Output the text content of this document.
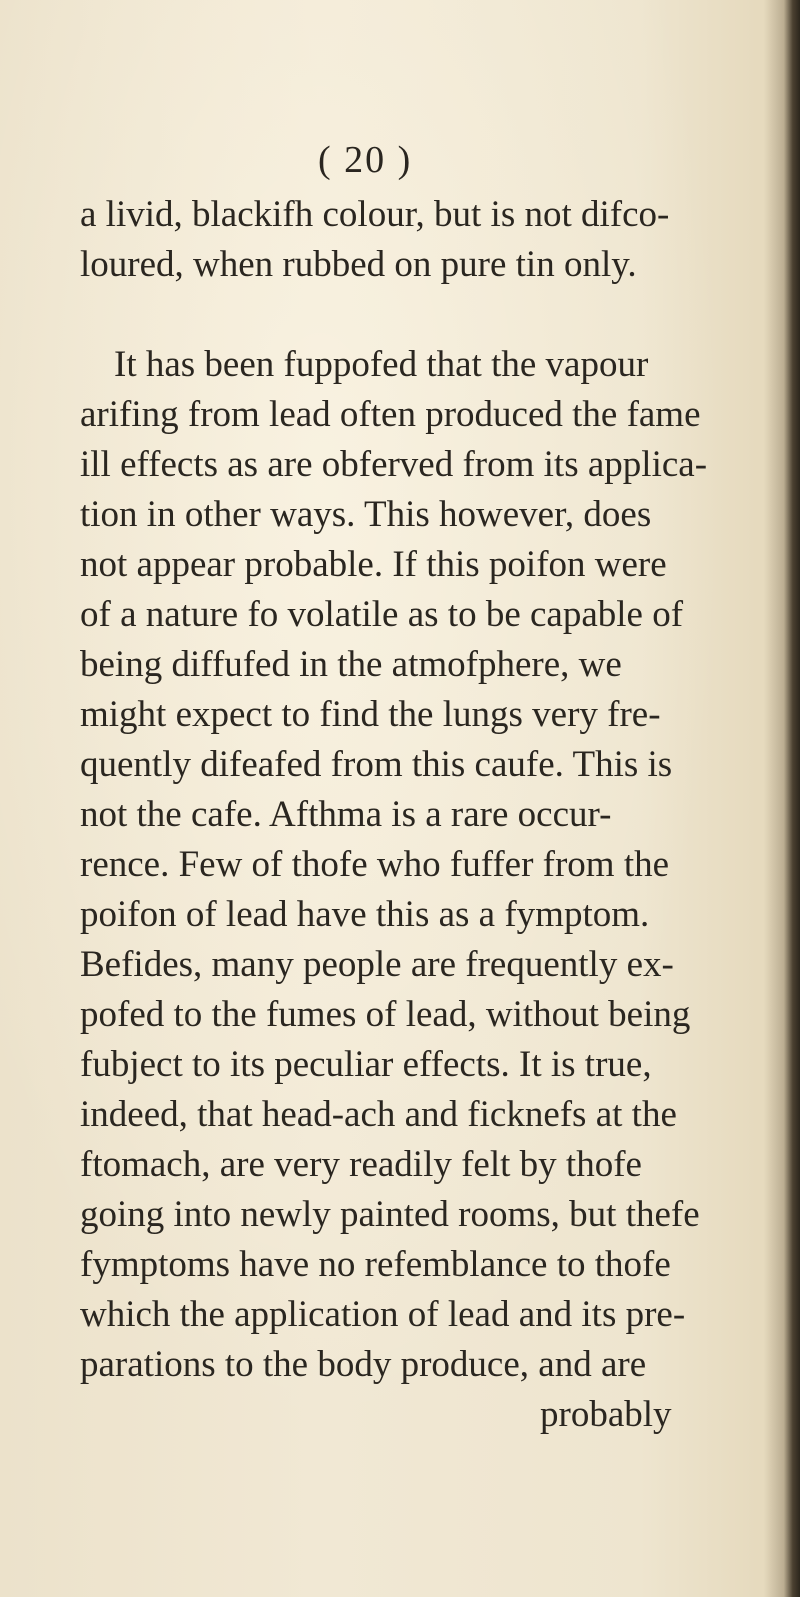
( 20 )
a livid, blackifh colour, but is not difco-
loured, when rubbed on pure tin only.
It has been fuppofed that the vapour
arifing from lead often produced the fame
ill effects as are obferved from its applica-
tion in other ways. This however, does
not appear probable. If this poifon were
of a nature fo volatile as to be capable of
being diffufed in the atmofphere, we
might expect to find the lungs very fre-
quently difeafed from this caufe. This is
not the cafe. Afthma is a rare occur-
rence. Few of thofe who fuffer from the
poifon of lead have this as a fymptom.
Befides, many people are frequently ex-
pofed to the fumes of lead, without being
fubject to its peculiar effects. It is true,
indeed, that head-ach and ficknefs at the
ftomach, are very readily felt by thofe
going into newly painted rooms, but thefe
fymptoms have no refemblance to thofe
which the application of lead and its pre-
parations to the body produce, and are
probably
